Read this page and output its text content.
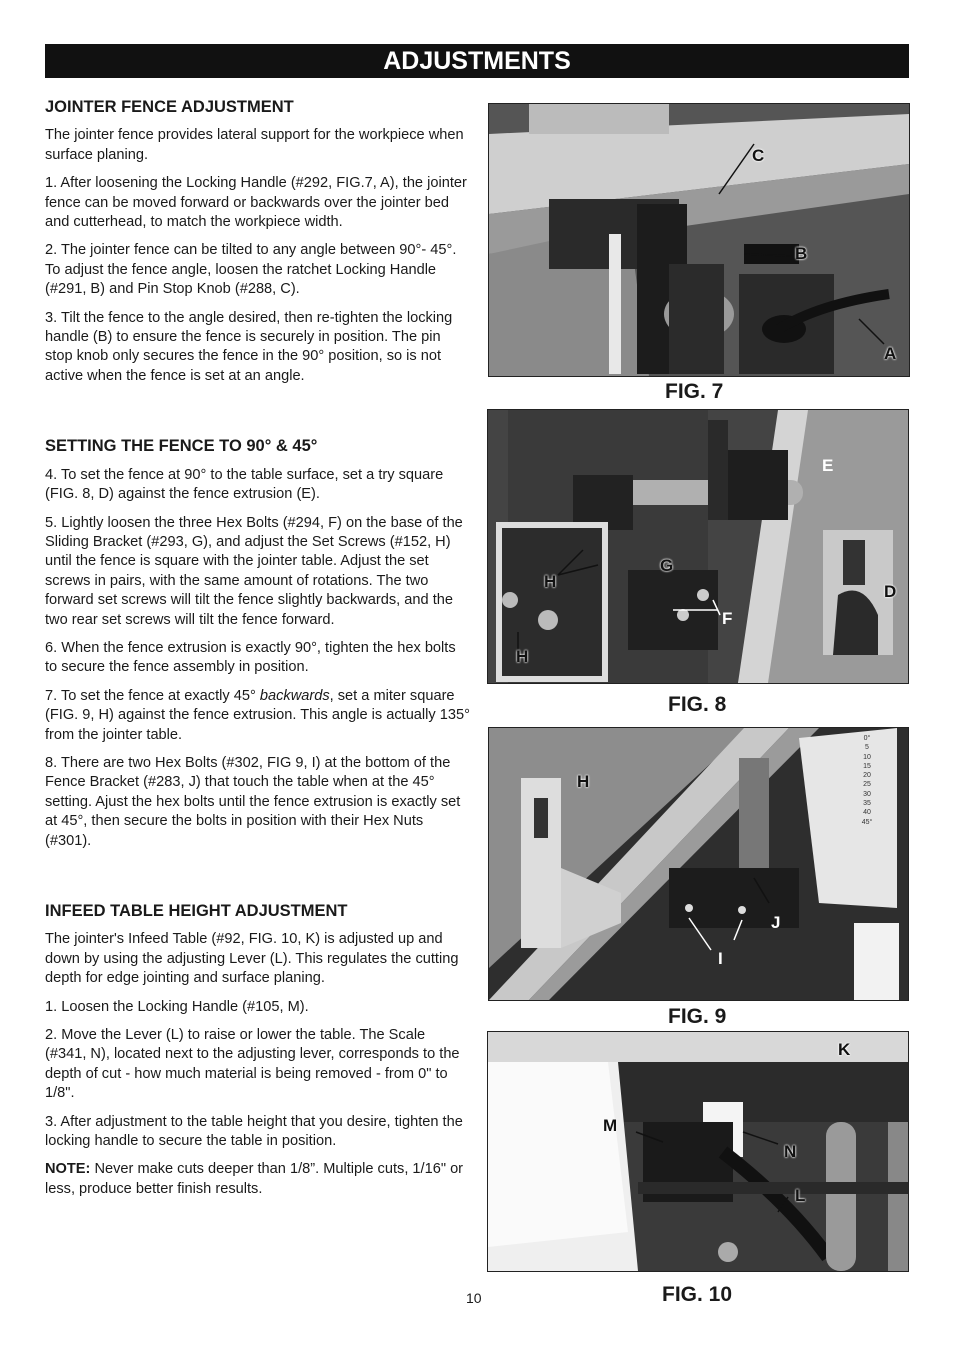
ADJUSTMENTS
JOINTER FENCE ADJUSTMENT

The jointer fence provides lateral support for the workpiece when surface planing.

1. After loosening the Locking Handle (#292, FIG.7, A), the jointer fence can be moved forward or backwards over the jointer bed and cutterhead, to match the workpiece width.

2. The jointer fence can be tilted to any angle between 90°- 45°. To adjust the fence angle, loosen the ratchet Locking Handle (#291, B) and Pin Stop Knob (#288, C).

3. Tilt the fence to the angle desired, then re-tighten the locking handle (B) to ensure the fence is securely in position. The pin stop knob only secures the fence in the 90° position, so is not active when the fence is set at an angle.

SETTING THE FENCE TO 90° & 45°

4. To set the fence at 90° to the table surface, set a try square (FIG. 8, D) against the fence extrusion (E).

5. Lightly loosen the three Hex Bolts (#294, F) on the base of the Sliding Bracket (#293, G), and adjust the Set Screws (#152, H) until the fence is square with the jointer table. Adjust the set screws in pairs, with the same amount of rotations. The two forward set screws will tilt the fence slightly backwards, and the two rear set screws will tilt the fence forward.

6. When the fence extrusion is exactly 90°, tighten the hex bolts to secure the fence assembly in position.

7. To set the fence at exactly 45° backwards, set a miter square (FIG. 9, H) against the fence extrusion. This angle is actually 135° from the jointer table.

8. There are two Hex Bolts (#302, FIG 9, I) at the bottom of the Fence Bracket (#283, J) that touch the table when at the 45° setting. Ajust the hex bolts until the fence extrusion is exactly set at 45°, then secure the bolts in position with their Hex Nuts (#301).

INFEED TABLE HEIGHT ADJUSTMENT

The jointer's Infeed Table (#92, FIG. 10, K) is adjusted up and down by using the adjusting Lever (L). This regulates the cutting depth for edge jointing and surface planing.

1. Loosen the Locking Handle (#105, M).

2. Move the Lever (L) to raise or lower the table. The Scale (#341, N), located next to the adjusting lever, corresponds to the depth of cut - how much material is being removed - from 0" to 1/8".

3. After adjustment to the table height that you desire, tighten the locking handle to secure the table in position.

NOTE: Never make cuts deeper than 1/8”. Multiple cuts, 1/16" or less, produce better finish results.

C
B
A
FIG. 7
E
G
H
D
F
H
FIG. 8
H
J
I
0°
5
10
15
20
25
30
35
40
45°
FIG. 9
K
M
N
L
FIG. 10
10
